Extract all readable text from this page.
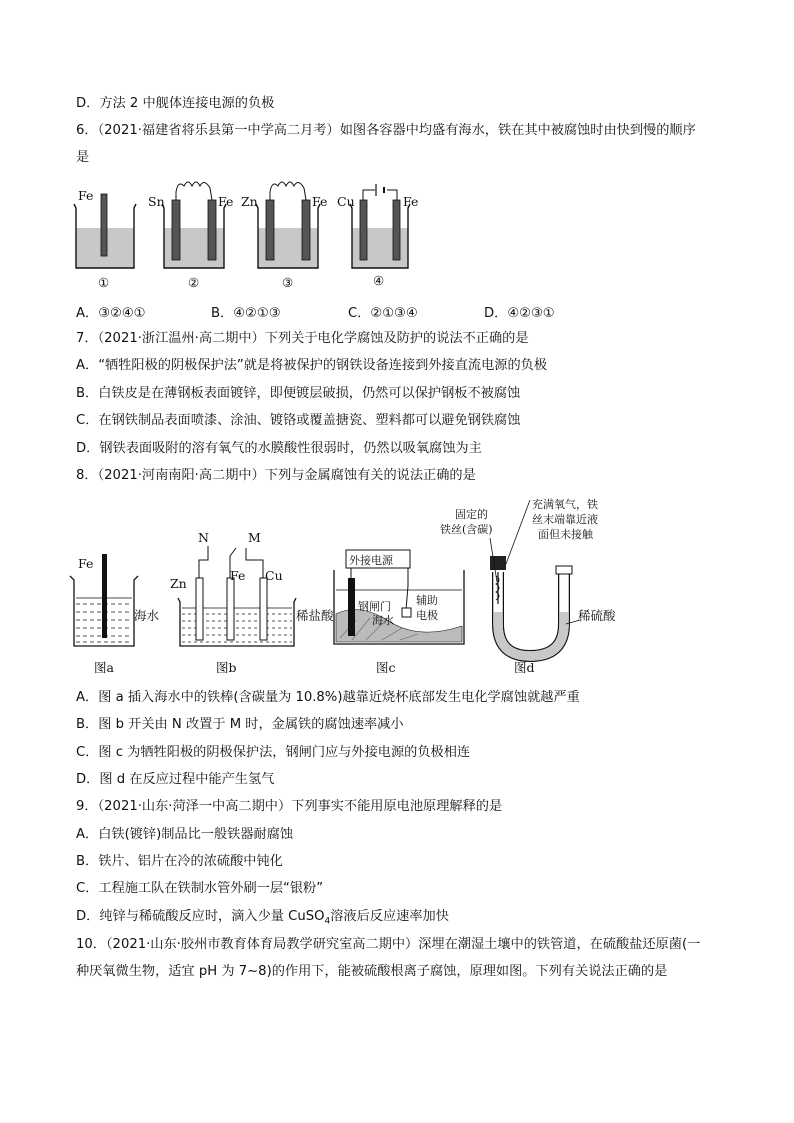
D．方法 2 中舰体连接电源的负极
6．（2021·福建省将乐县第一中学高二月考）如图各容器中均盛有海水，铁在其中被腐蚀时由快到慢的顺序
是
Fe
①
Sn	Fe
②
Zn	Fe
③
Cu	Fe
④
A．③②④①	B．④②①③	C．②①③④	D．④②③①
7．（2021·浙江温州·高二期中）下列关于电化学腐蚀及防护的说法不正确的是
A．“牺牲阳极的阴极保护法”就是将被保护的钢铁设备连接到外接直流电源的负极
B．白铁皮是在薄钢板表面镀锌，即便镀层破损，仍然可以保护钢板不被腐蚀
C．在钢铁制品表面喷漆、涂油、镀铬或覆盖搪瓷、塑料都可以避免钢铁腐蚀
D．钢铁表面吸附的溶有氧气的水膜酸性很弱时，仍然以吸氧腐蚀为主
8．（2021·河南南阳·高二期中）下列与金属腐蚀有关的说法正确的是
Fe
海水
图a
N	M
Zn
Fe Cu
稀盐酸
图b
外接电源
钢闸门
海水
辅助
电极
图c
固定的
铁丝(含碳)
充满氧气，铁
丝末端靠近液
面但未接触
稀硫酸
图d
A．图 a 插入海水中的铁棒(含碳量为 10.8%)越靠近烧杯底部发生电化学腐蚀就越严重
B．图 b 开关由 N 改置于 M 时，金属铁的腐蚀速率减小
C．图 c 为牺牲阳极的阴极保护法，钢闸门应与外接电源的负极相连
D．图 d 在反应过程中能产生氢气
9．（2021·山东·菏泽一中高二期中）下列事实不能用原电池原理解释的是
A．白铁(镀锌)制品比一般铁器耐腐蚀
B．铁片、铝片在冷的浓硫酸中钝化
C．工程施工队在铁制水管外刷一层“银粉”
D．纯锌与稀硫酸反应时，滴入少量 CuSO$_4$溶液后反应速率加快
10．（2021·山东·胶州市教育体育局教学研究室高二期中）深埋在潮湿土壤中的铁管道，在硫酸盐还原菌(一
种厌氧微生物，适宜 pH 为 7~8)的作用下，能被硫酸根离子腐蚀，原理如图。下列有关说法正确的是
